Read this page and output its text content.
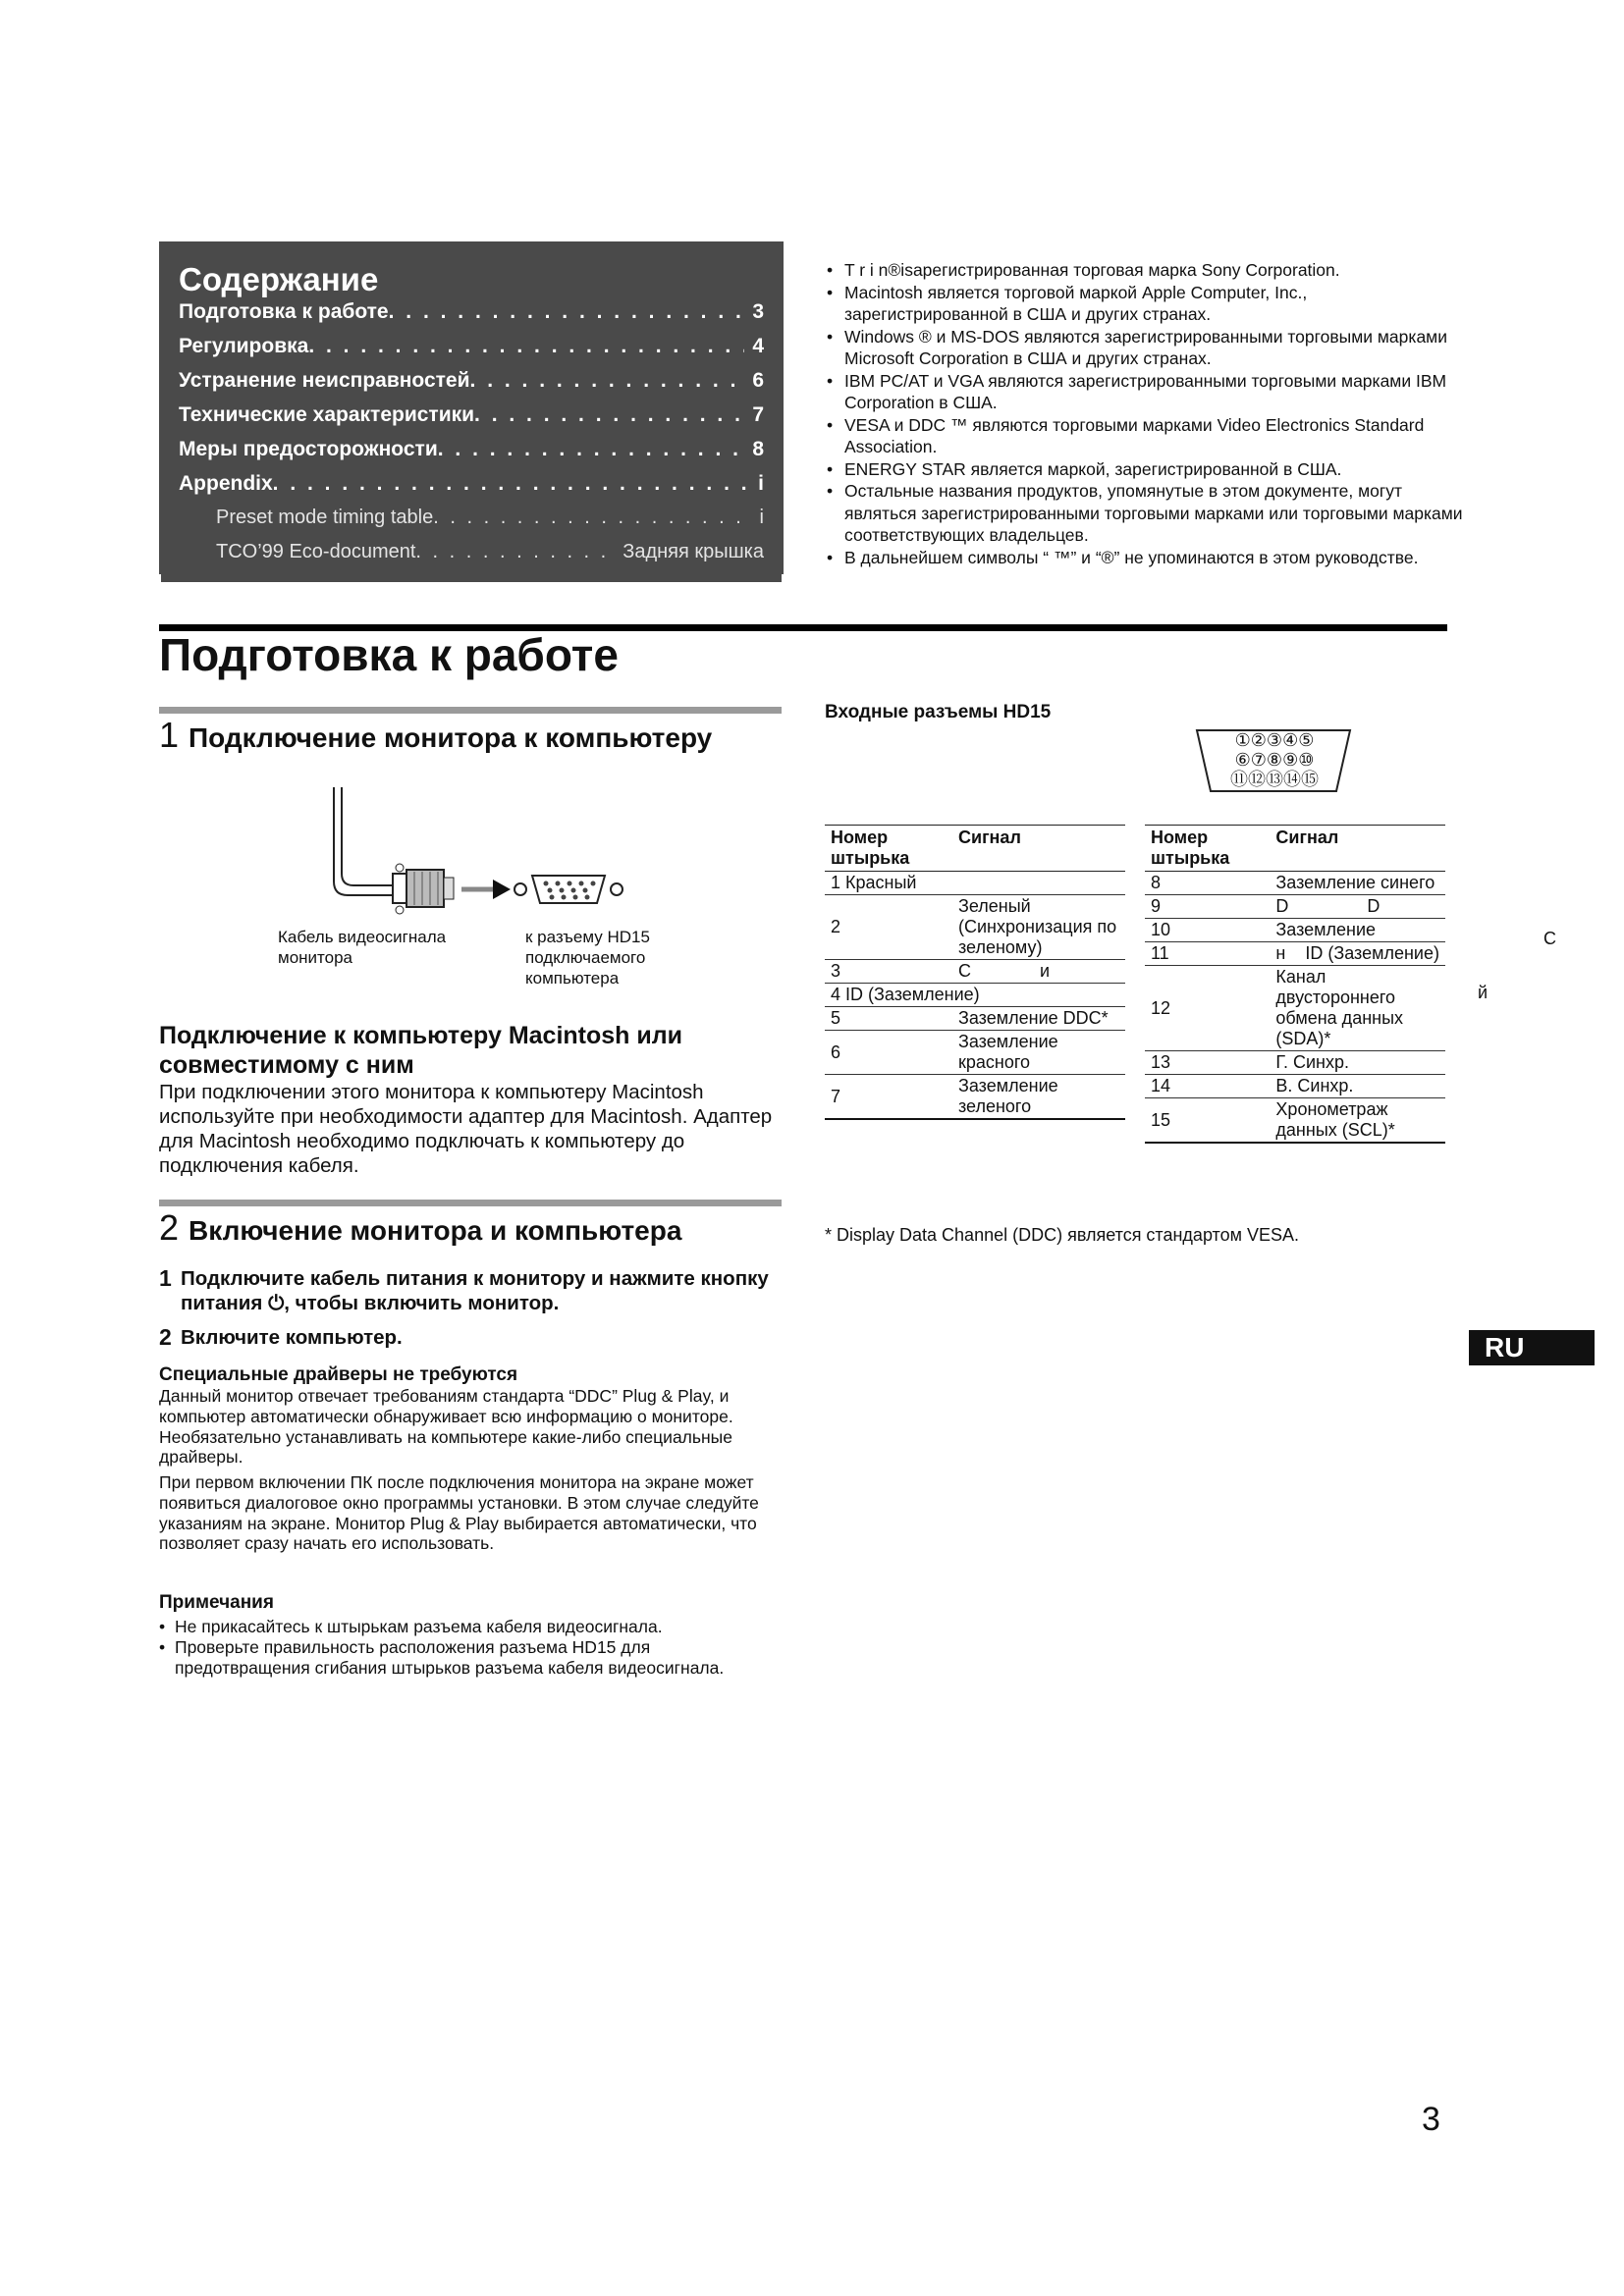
Содержание
Подготовка к работе . . .	3
Регулировка . . .	4
Устранение неисправностей . . .	6
Технические характеристики . . .	7
Меры предосторожности . . .	8
Appendix . . .	i
Preset mode timing table . . .	i
TCO’99 Eco-document . . .	Задняя крышка
• T r i n®isарегистрированная торговая марка Sony Corporation.
• Macintosh является торговой маркой Apple Computer, Inc., зарегистрированной в США и других странах.
• Windows ® и MS-DOS являются зарегистрированными торговыми марками Microsoft Corporation в США и других странах.
• IBM PC/AT и VGA являются зарегистрированными торговыми марками IBM Corporation в США.
• VESA и DDC ™ являются торговыми марками Video Electronics Standard Association.
• ENERGY STAR является маркой, зарегистрированной в США.
• Остальные названия продуктов, упомянутые в этом документе, могут являться зарегистрированными торговыми марками или торговыми марками соответствующих владельцев.
• В дальнейшем символы “ ™” и “®” не упоминаются в этом руководстве.
Подготовка к работе
1 Подключение монитора к компьютеру
Кабель видеосигнала монитора
к разъему HD15 подключаемого компьютера
Подключение к компьютеру Macintosh или совместимому с ним
При подключении этого монитора к компьютеру Macintosh используйте при необходимости адаптер для Macintosh. Адаптер для Macintosh необходимо подключать к компьютеру до подключения кабеля.
2 Включение монитора и компьютера
1 Подключите кабель питания к монитору и нажмите кнопку питания ⏻, чтобы включить монитор.
2 Включите компьютер.
Специальные драйверы не требуются
Данный монитор отвечает требованиям стандарта “DDC” Plug & Play, и компьютер автоматически обнаруживает всю информацию о мониторе. Необязательно устанавливать на компьютере какие-либо специальные драйверы.
При первом включении ПК после подключения монитора на экране может появиться диалоговое окно программы установки. В этом случае следуйте указаниям на экране. Монитор Plug & Play выбирается автоматически, что позволяет сразу начать его использовать.
Примечания
• Не прикасайтесь к штырькам разъема кабеля видеосигнала.
• Проверьте правильность расположения разъема HD15 для предотвращения сгибания штырьков разъема кабеля видеосигнала.
Входные разъемы HD15
①②③④⑤
⑥⑦⑧⑨⑩
⑪⑫⑬⑭⑮
Номер штырька	Сигнал
1 Красный	
2	Зеленый (Синхронизация по зеленому)
3	С              и
4 ID (Заземление)	
5	Заземление DDC*
6	Заземление красного
7	Заземление зеленого
Номер штырька	Сигнал
8	Заземление синего
9	D                D
10	Заземление
11	н    ID (Заземление)
12	Канал двустороннего обмена данных (SDA)*
13	Г. Синхр.
14	В. Синхр.
15	Хронометраж данных (SCL)*
С
й
* Display Data Channel (DDC) является стандартом VESA.
RU
3
